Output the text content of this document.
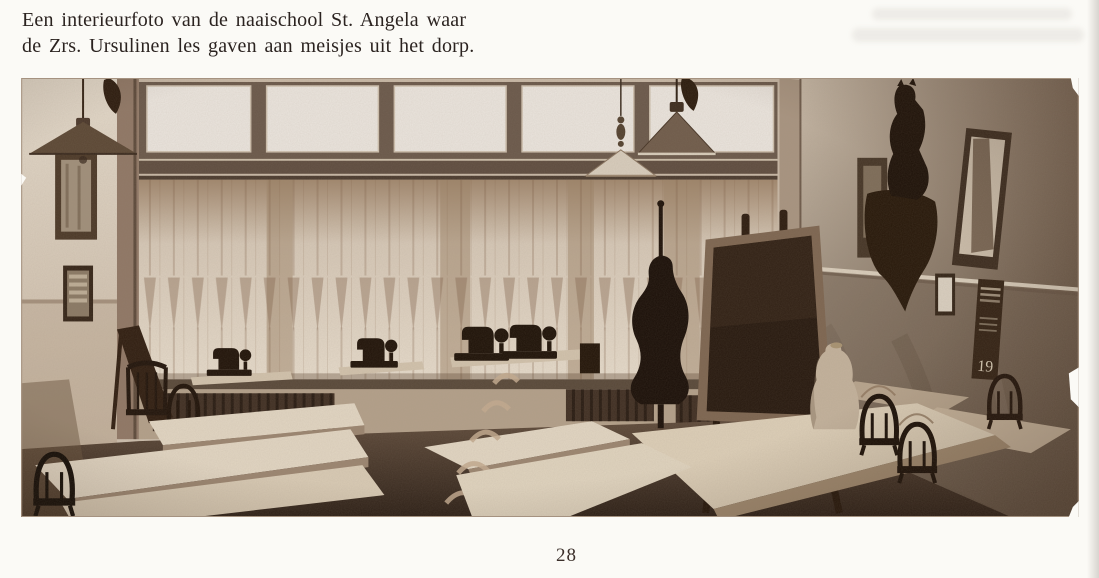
Een interieurfoto van de naaischool St. Angela waar
de Zrs. Ursulinen les gaven aan meisjes uit het dorp.
28
